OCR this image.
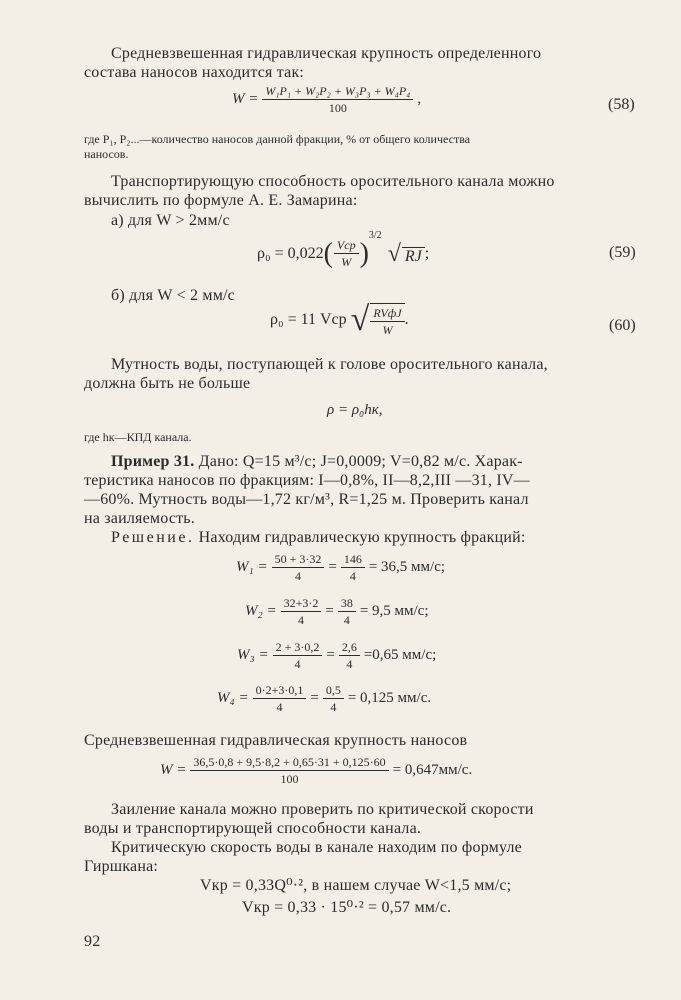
Средневзвешенная гидравлическая крупность определенного
состава наносов находится так:
$W = \frac{\text{W₁P₁ + W₂P₂ + W₃P₃ + W₄P₄}}{100}$ ,	(58)
где P₁, P₂...—количество наносов данной фракции, % от общего количества
наносов.
Транспортирующую способность оросительного канала можно
вычислить по формуле А. Е. Замарина:
а) для W > 2мм/с
ρ₀ = 0,022 ( $\frac{\text{Vср}}{W}$ )
$^{3/2}$
√ RJ ;	(59)
б) для W < 2 мм/с
ρ₀ = 11 Vср √ $\frac{\text{RVфJ}}{W}$ .	(60)
Мутность воды, поступающей к голове оросительного канала,
должна быть не больше
ρ = ρ₀hк,
где hк—КПД канала.
Пример 31. Дано: Q=15 м³/с; J=0,0009; V=0,82 м/с. Харак-
теристика наносов по фракциям: I—0,8%, II—8,2,III —31, IV—
—60%. Мутность воды—1,72 кг/м³, R=1,25 м. Проверить канал
на заиляемость.
Решение. Находим гидравлическую крупность фракций:
$W_1 = \frac{50 + 3\cdot 32}{4} = \frac{146}{4} = 36,5$ мм/с;
$W_2 = \frac{32+3\cdot 2}{4} = \frac{38}{4} = 9,5$ мм/с;
$W_3 = \frac{2 + 3\cdot 0,2}{4} = \frac{2,6}{4} =0,65$ мм/с;
$W_4 = \frac{0\cdot 2+3\cdot 0,1}{4} = \frac{0,5}{4} = 0,125$ мм/с.
Средневзвешенная гидравлическая крупность наносов
$W = \frac{36,5\cdot 0,8 + 9,5\cdot 8,2 + 0,65\cdot 31 + 0,125\cdot 60}{100} = 0,647мм/с$.
Заиление канала можно проверить по критической скорости
воды и транспортирующей способности канала.
Критическую скорость воды в канале находим по формуле
Гиршкана:
Vкр = 0,33Q⁰·², в нашем случае W<1,5 мм/с;
Vкр = 0,33 · 15⁰·² = 0,57 мм/с.
92
